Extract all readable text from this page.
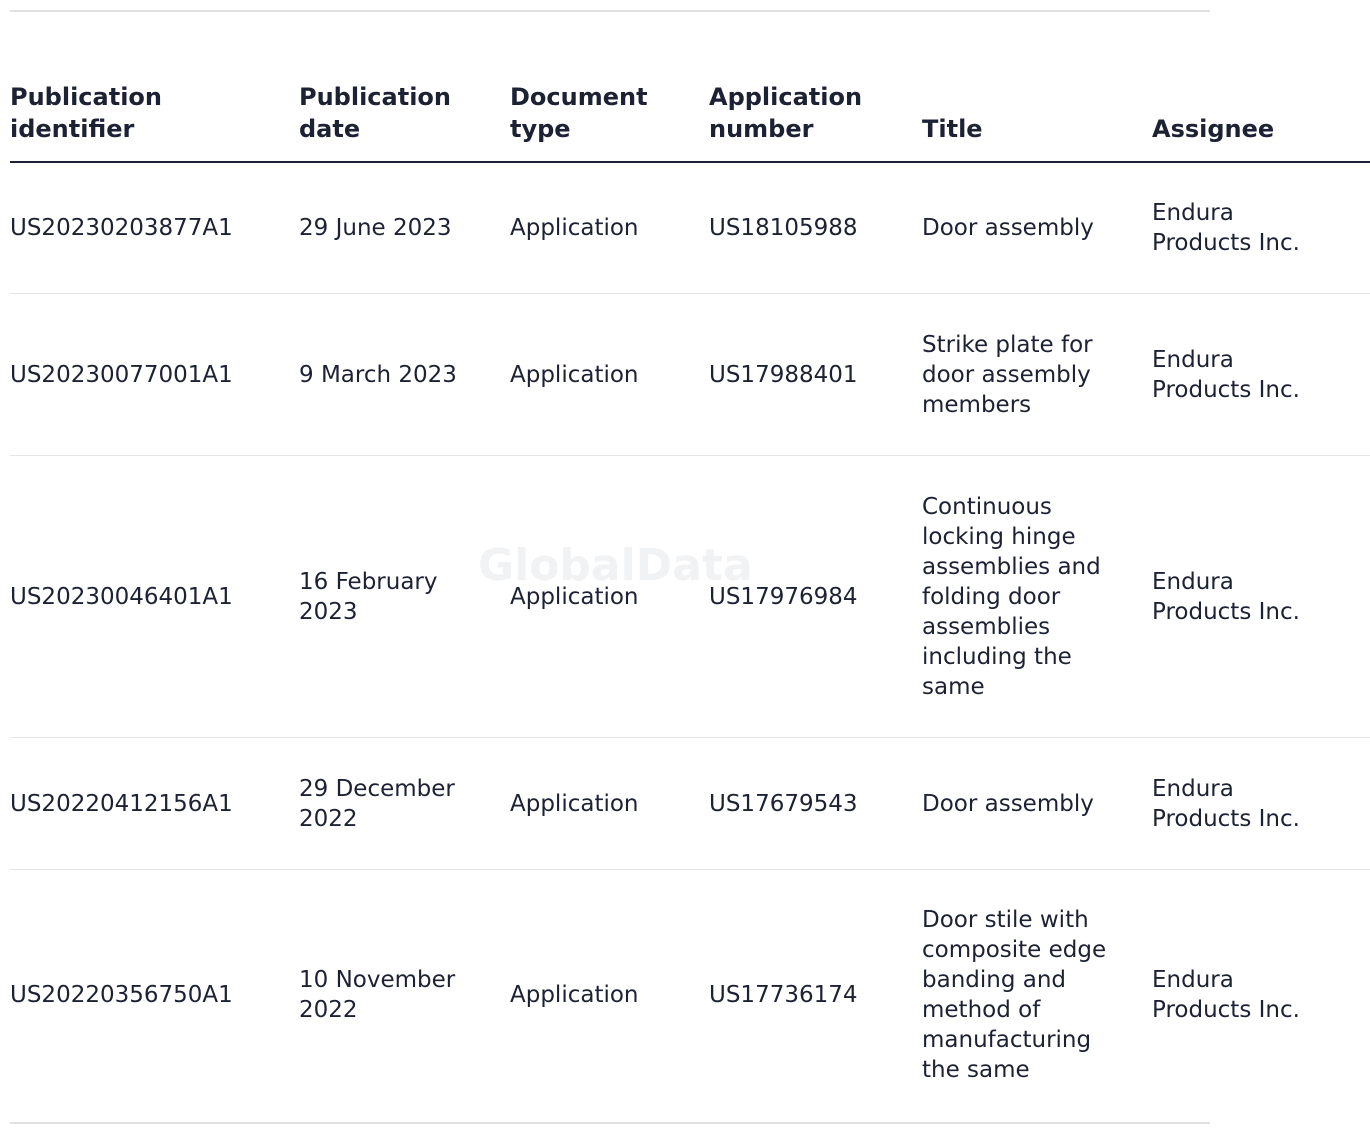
Publication identifier	Publication date	Document type	Application number	Title	Assignee
US20230203877A1	29 June 2023	Application	US18105988	Door assembly	Endura Products Inc.
US20230077001A1	9 March 2023	Application	US17988401	Strike plate for door assembly members	Endura Products Inc.
US20230046401A1	16 February 2023	Application	US17976984	Continuous locking hinge assemblies and folding door assemblies including the same	Endura Products Inc.
US20220412156A1	29 December 2022	Application	US17679543	Door assembly	Endura Products Inc.
US20220356750A1	10 November 2022	Application	US17736174	Door stile with composite edge banding and method of manufacturing the same	Endura Products Inc.
GlobalData
